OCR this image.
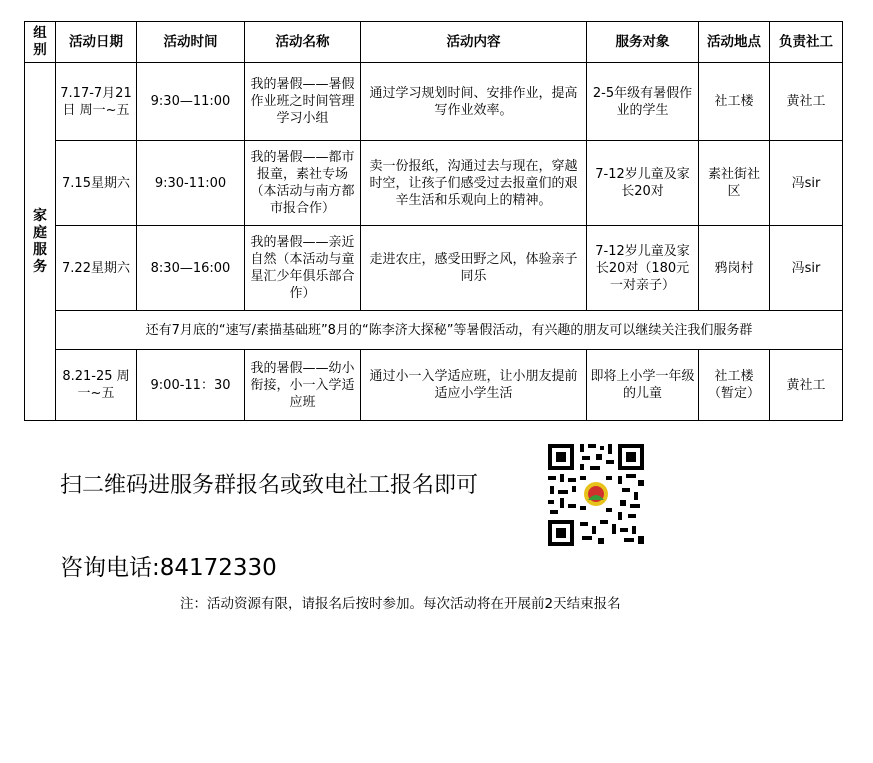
组别	活动日期	活动时间	活动名称	活动内容	服务对象	活动地点	负责社工
家庭服务	7.17-7月21日 周一~五	9:30—11:00	我的暑假——暑假作业班之时间管理学习小组	通过学习规划时间、安排作业，提高写作业效率。	2-5年级有暑假作业的学生	社工楼	黄社工
	7.15星期六	9:30-11:00	我的暑假——都市报童，素社专场（本活动与南方都市报合作）	卖一份报纸，沟通过去与现在，穿越时空，让孩子们感受过去报童们的艰辛生活和乐观向上的精神。	7-12岁儿童及家长20对	素社街社区	冯sir
	7.22星期六	8:30—16:00	我的暑假——亲近自然（本活动与童星汇少年俱乐部合作）	走进农庄，感受田野之风，体验亲子同乐	7-12岁儿童及家长20对（180元一对亲子）	鸦岗村	冯sir
	还有7月底的“速写/素描基础班”8月的“陈李济大探秘”等暑假活动，有兴趣的朋友可以继续关注我们服务群						
	8.21-25 周一~五	9:00-11：30	我的暑假——幼小衔接，小一入学适应班	通过小一入学适应班，让小朋友提前适应小学生活	即将上小学一年级的儿童	社工楼（暂定）	黄社工
扫二维码进服务群报名或致电社工报名即可
咨询电话:84172330
注：活动资源有限，请报名后按时参加。每次活动将在开展前2天结束报名
